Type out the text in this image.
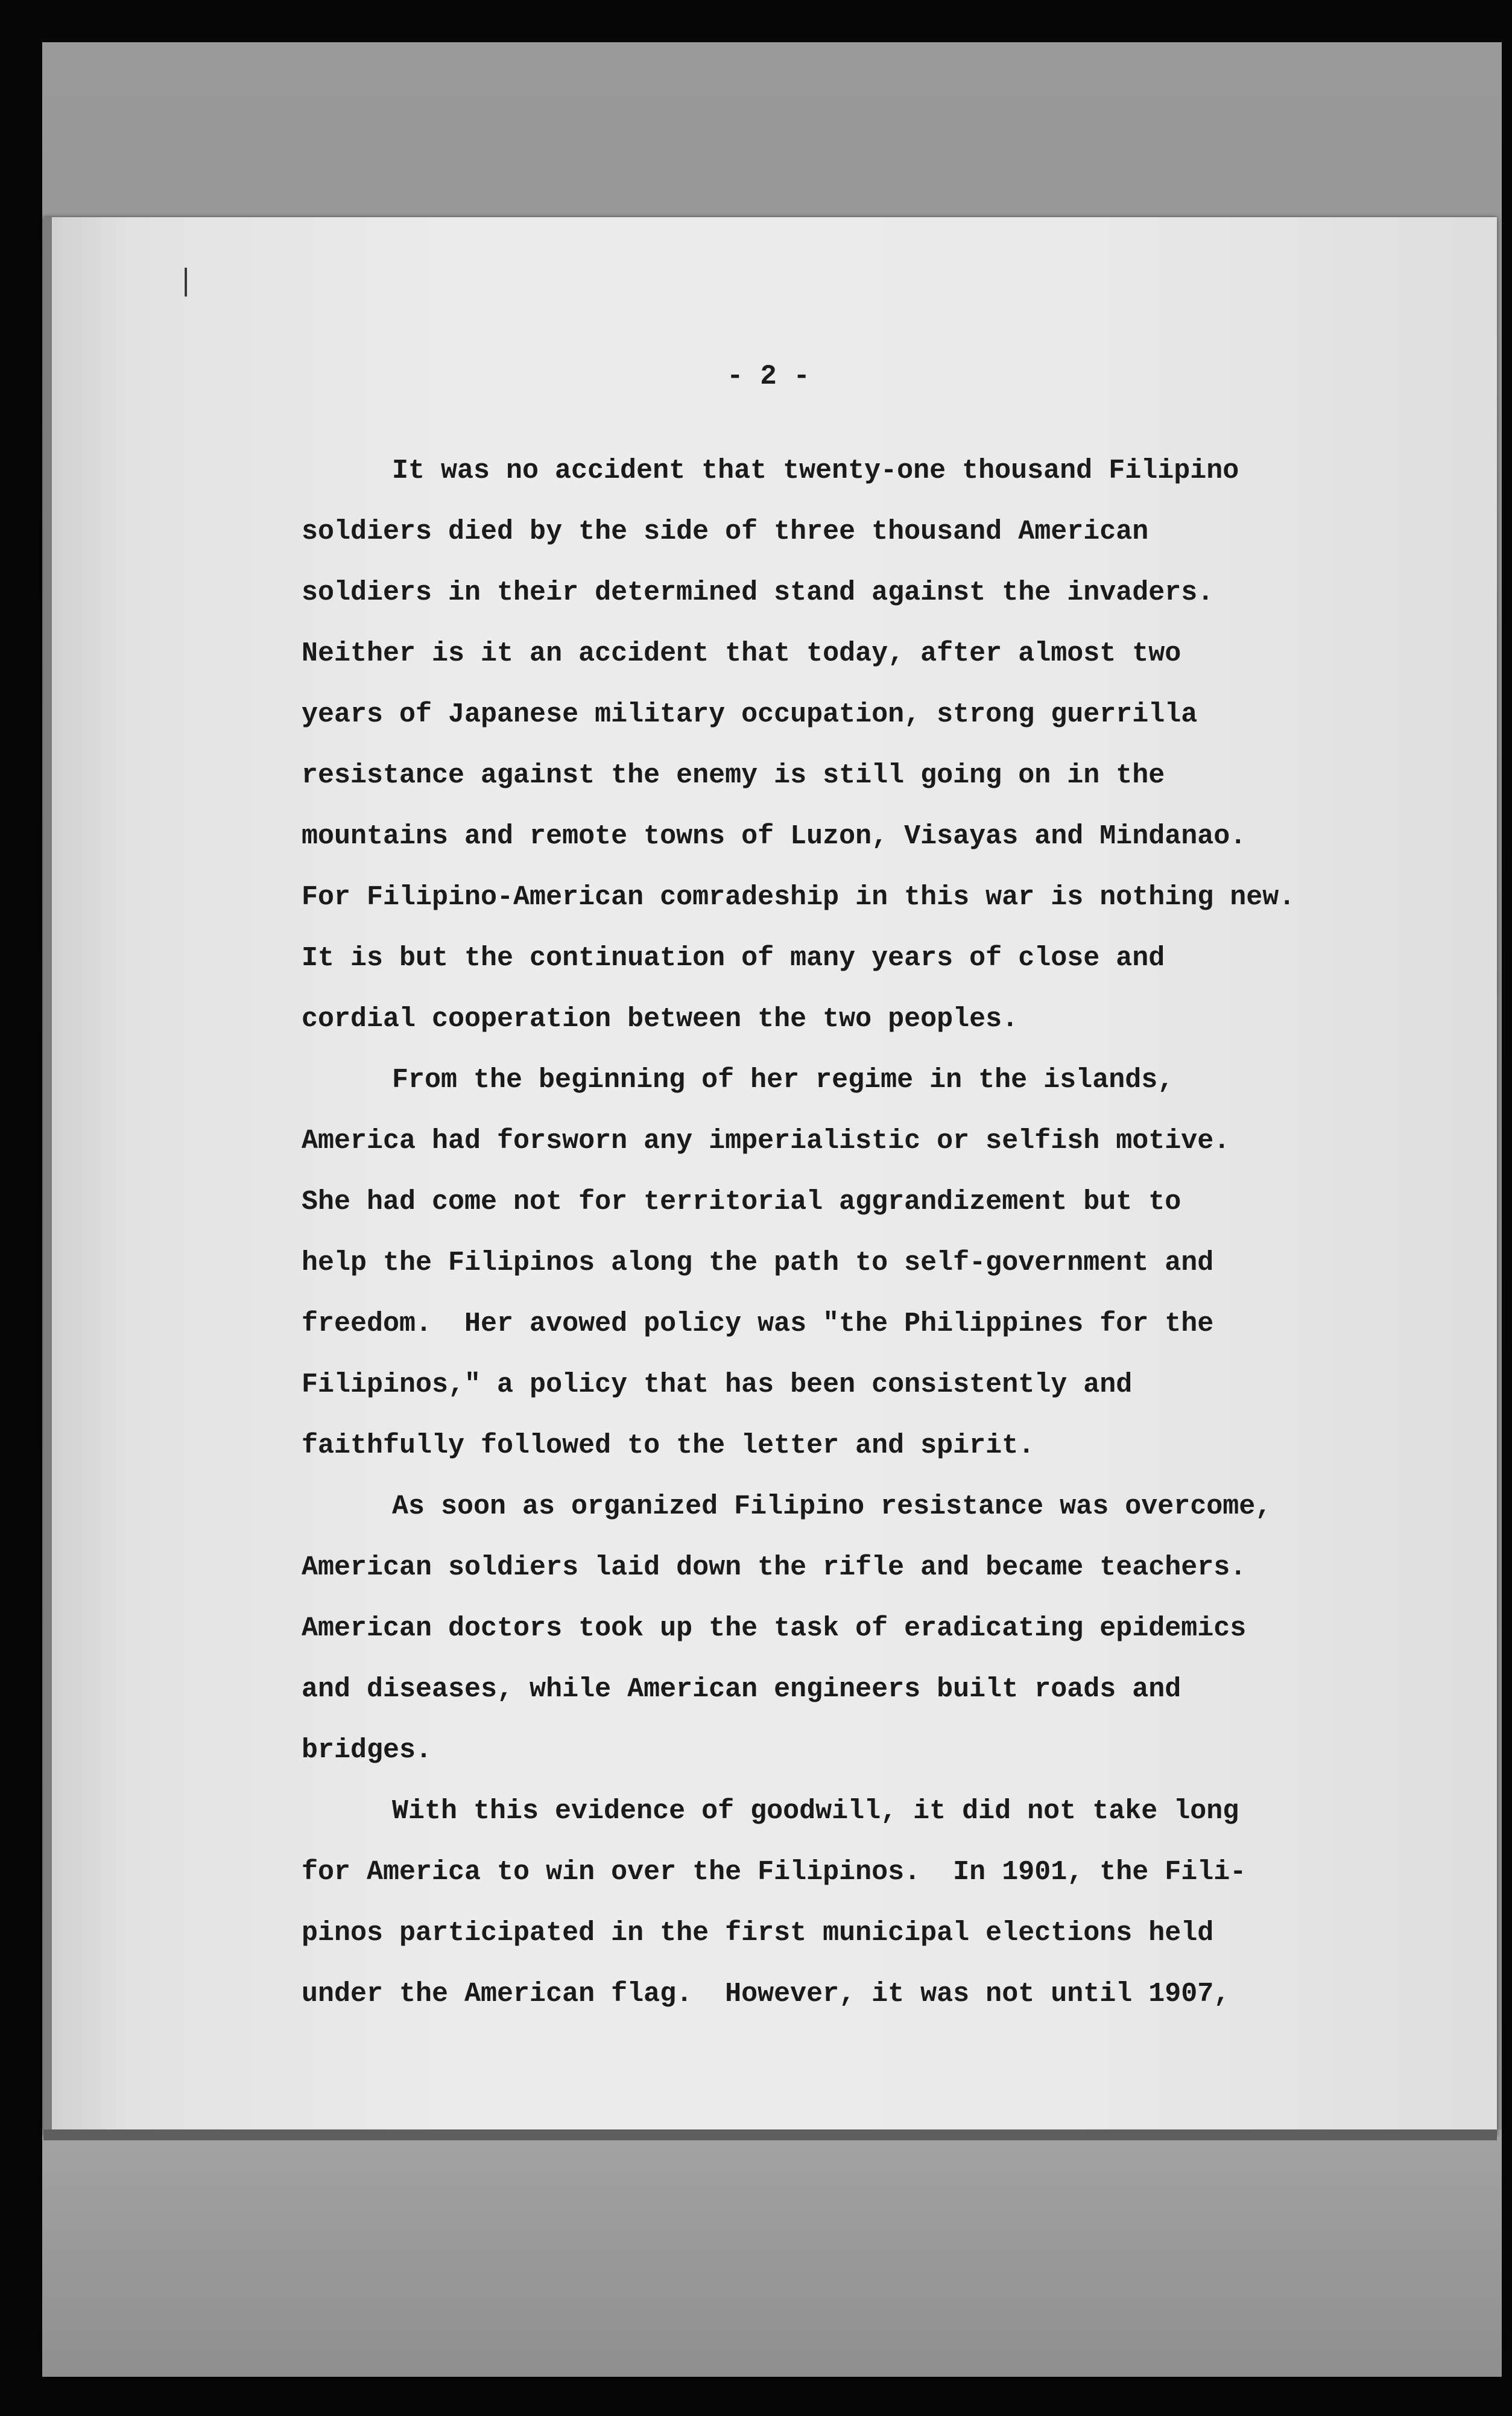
|
- 2 -
It was no accident that twenty-one thousand Filipino
soldiers died by the side of three thousand American
soldiers in their determined stand against the invaders.
Neither is it an accident that today, after almost two
years of Japanese military occupation, strong guerrilla
resistance against the enemy is still going on in the
mountains and remote towns of Luzon, Visayas and Mindanao.
For Filipino-American comradeship in this war is nothing new.
It is but the continuation of many years of close and
cordial cooperation between the two peoples.
From the beginning of her regime in the islands,
America had forsworn any imperialistic or selfish motive.
She had come not for territorial aggrandizement but to
help the Filipinos along the path to self-government and
freedom.  Her avowed policy was "the Philippines for the
Filipinos," a policy that has been consistently and
faithfully followed to the letter and spirit.
As soon as organized Filipino resistance was overcome,
American soldiers laid down the rifle and became teachers.
American doctors took up the task of eradicating epidemics
and diseases, while American engineers built roads and
bridges.
With this evidence of goodwill, it did not take long
for America to win over the Filipinos.  In 1901, the Fili-
pinos participated in the first municipal elections held
under the American flag.  However, it was not until 1907,
